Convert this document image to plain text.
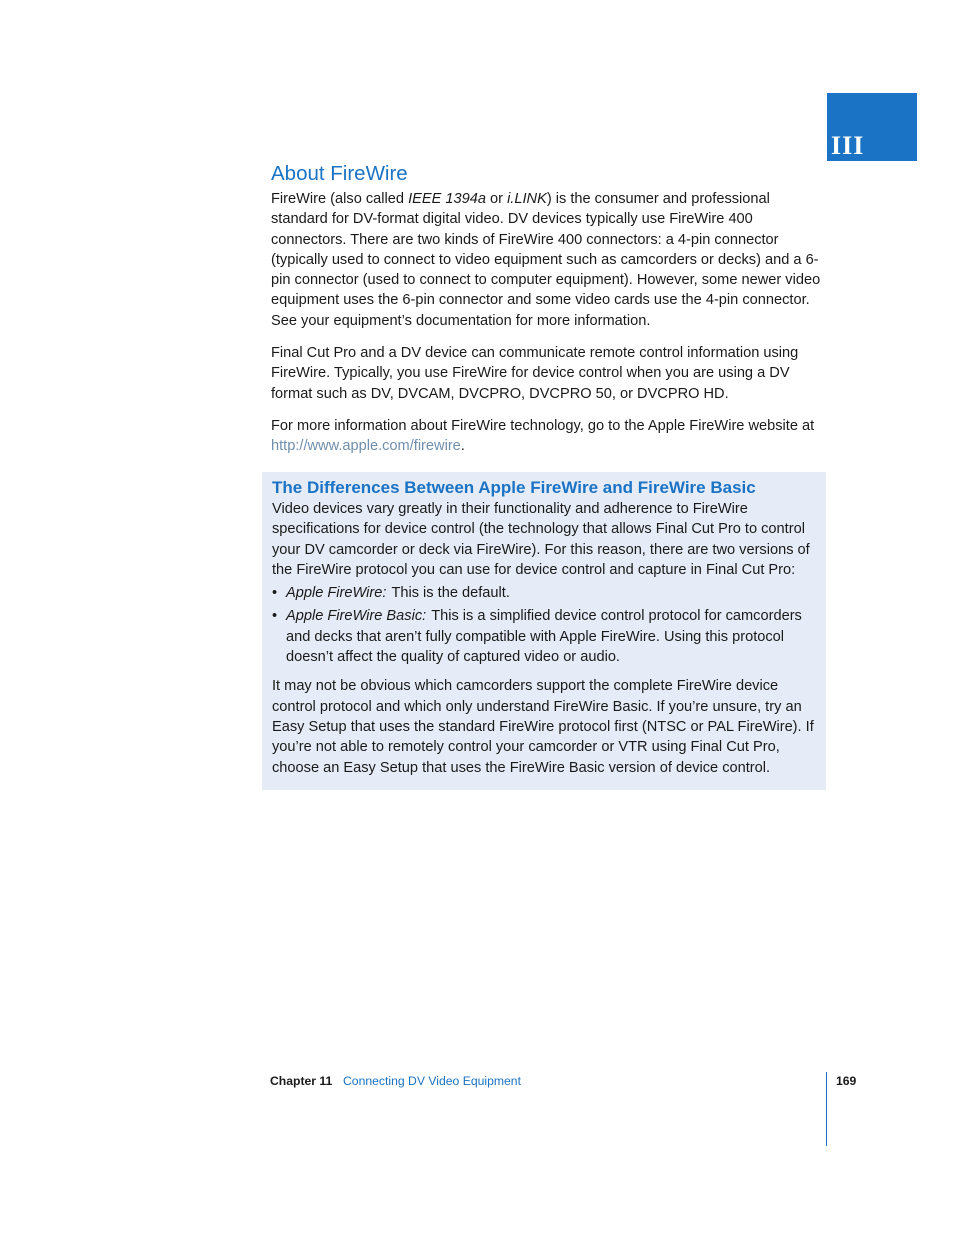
III
About FireWire

FireWire (also called IEEE 1394a or i.LINK) is the consumer and professional standard for DV-format digital video. DV devices typically use FireWire 400 connectors. There are two kinds of FireWire 400 connectors: a 4-pin connector (typically used to connect to video equipment such as camcorders or decks) and a 6-pin connector (used to connect to computer equipment). However, some newer video equipment uses the 6-pin connector and some video cards use the 4-pin connector. See your equipment’s documentation for more information.

Final Cut Pro and a DV device can communicate remote control information using FireWire. Typically, you use FireWire for device control when you are using a DV format such as DV, DVCAM, DVCPRO, DVCPRO 50, or DVCPRO HD.

For more information about FireWire technology, go to the Apple FireWire website at http://www.apple.com/firewire.

The Differences Between Apple FireWire and FireWire Basic

Video devices vary greatly in their functionality and adherence to FireWire specifications for device control (the technology that allows Final Cut Pro to control your DV camcorder or deck via FireWire). For this reason, there are two versions of the FireWire protocol you can use for device control and capture in Final Cut Pro:

• Apple FireWire: This is the default.
• Apple FireWire Basic: This is a simplified device control protocol for camcorders and decks that aren’t fully compatible with Apple FireWire. Using this protocol doesn’t affect the quality of captured video or audio.

It may not be obvious which camcorders support the complete FireWire device control protocol and which only understand FireWire Basic. If you’re unsure, try an Easy Setup that uses the standard FireWire protocol first (NTSC or PAL FireWire). If you’re not able to remotely control your camcorder or VTR using Final Cut Pro, choose an Easy Setup that uses the FireWire Basic version of device control.

Chapter 11 Connecting DV Video Equipment	169
